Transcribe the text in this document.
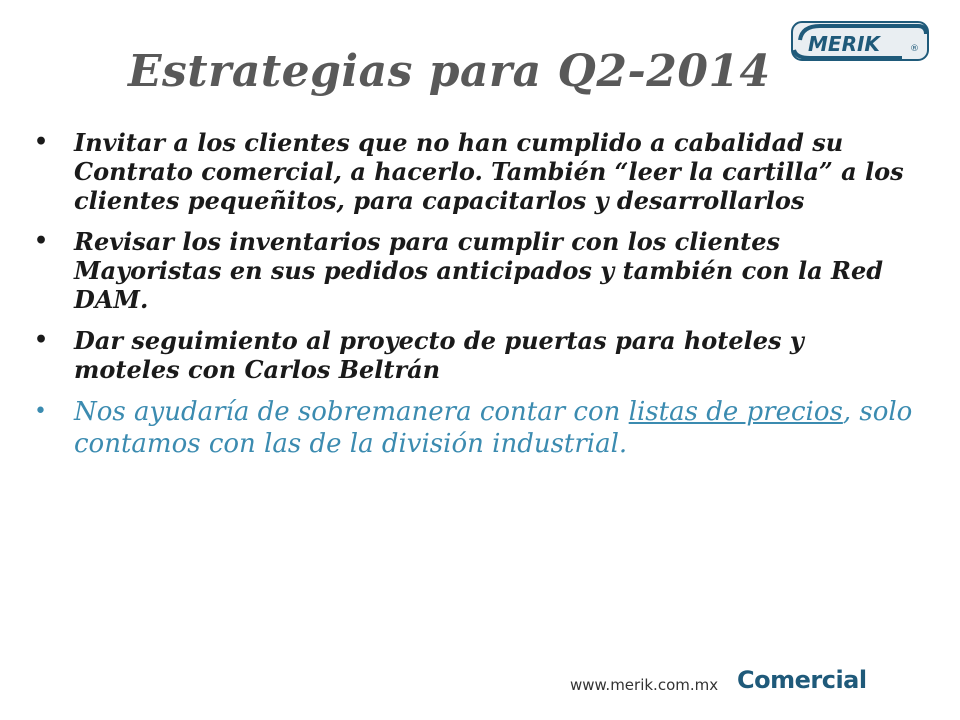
MERIK	®
Estrategias para Q2-2014
• Invitar a los clientes que no han cumplido a cabalidad su Contrato comercial, a hacerlo. También “leer la cartilla” a los clientes pequeñitos, para capacitarlos y desarrollarlos
• Revisar los inventarios para cumplir con los clientes Mayoristas en sus pedidos anticipados y también con la Red DAM.
• Dar seguimiento al proyecto de puertas para hoteles y moteles con Carlos Beltrán
• Nos ayudaría de sobremanera contar con listas de precios, solo contamos con las de la división industrial.
www.merik.com.mx Comercial
